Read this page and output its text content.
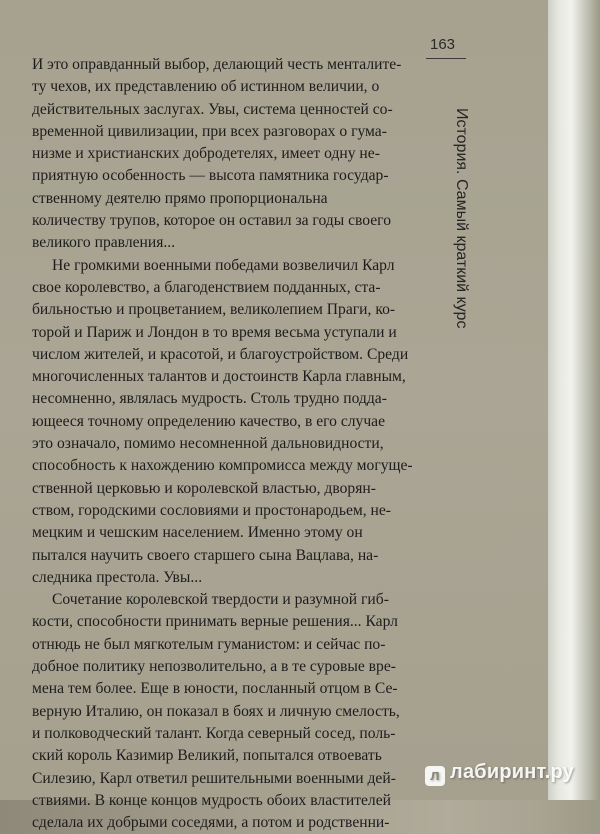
163
История. Самый краткий курс

И это оправданный выбор, делающий честь менталите-
ту чехов, их представлению об истинном величии, о
действительных заслугах. Увы, система ценностей со-
временной цивилизации, при всех разговорах о гума-
низме и христианских добродетелях, имеет одну не-
приятную особенность — высота памятника государ-
ственному деятелю прямо пропорциональна
количеству трупов, которое он оставил за годы своего
великого правления...

Не громкими военными победами возвеличил Карл
свое королевство, а благоденствием подданных, ста-
бильностью и процветанием, великолепием Праги, ко-
торой и Париж и Лондон в то время весьма уступали и
числом жителей, и красотой, и благоустройством. Среди
многочисленных талантов и достоинств Карла главным,
несомненно, являлась мудрость. Столь трудно подда-
ющееся точному определению качество, в его случае
это означало, помимо несомненной дальновидности,
способность к нахождению компромисса между могуще-
ственной церковью и королевской властью, дворян-
ством, городскими сословиями и простонародьем, не-
мецким и чешским населением. Именно этому он
пытался научить своего старшего сына Вацлава, на-
следника престола. Увы...

Сочетание королевской твердости и разумной гиб-
кости, способности принимать верные решения... Карл
отнюдь не был мягкотелым гуманистом: и сейчас по-
добное политику непозволительно, а в те суровые вре-
мена тем более. Еще в юности, посланный отцом в Се-
верную Италию, он показал в боях и личную смелость,
и полководческий талант. Когда северный сосед, поль-
ский король Казимир Великий, попытался отвоевать
Силезию, Карл ответил решительными военными дей-
ствиями. В конце концов мудрость обоих властителей
сделала их добрыми соседями, а потом и родственни-

л лабиринт.ру
